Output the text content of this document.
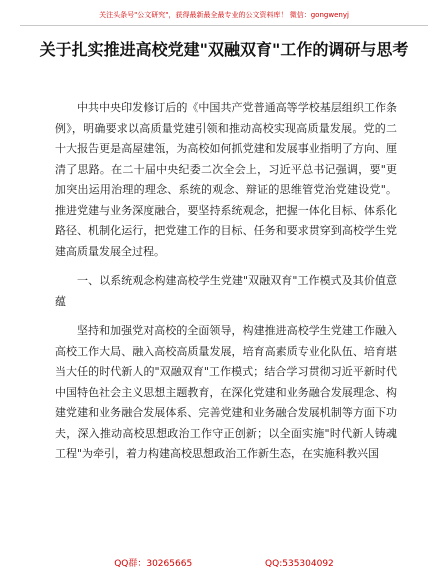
关注头条号"公文研究"，获得最新最全最专业的公文资料库！ 微信：gongwenyj
关于扎实推进高校党建"双融双育"工作的调研与思考

中共中央印发修订后的《中国共产党普通高等学校基层组织工作条例》，明确要求以高质量党建引领和推动高校实现高质量发展。党的二十大报告更是高屋建瓴，为高校如何抓党建和发展事业指明了方向、厘清了思路。在二十届中央纪委二次全会上，习近平总书记强调，要"更加突出运用治理的理念、系统的观念、辩证的思维管党治党建设党"。推进党建与业务深度融合，要坚持系统观念，把握一体化目标、体系化路径、机制化运行，把党建工作的目标、任务和要求贯穿到高校学生党建高质量发展全过程。

一、以系统观念构建高校学生党建"双融双育"工作模式及其价值意蕴

坚持和加强党对高校的全面领导，构建推进高校学生党建工作融入高校工作大局、融入高校高质量发展，培育高素质专业化队伍、培育堪当大任的时代新人的"双融双育"工作模式；结合学习贯彻习近平新时代中国特色社会主义思想主题教育，在深化党建和业务融合发展理念、构建党建和业务融合发展体系、完善党建和业务融合发展机制等方面下功夫，深入推动高校思想政治工作守正创新；以全面实施"时代新人铸魂工程"为牵引，着力构建高校思想政治工作新生态，在实施科教兴国

QQ群：30265665	QQ:535304092
